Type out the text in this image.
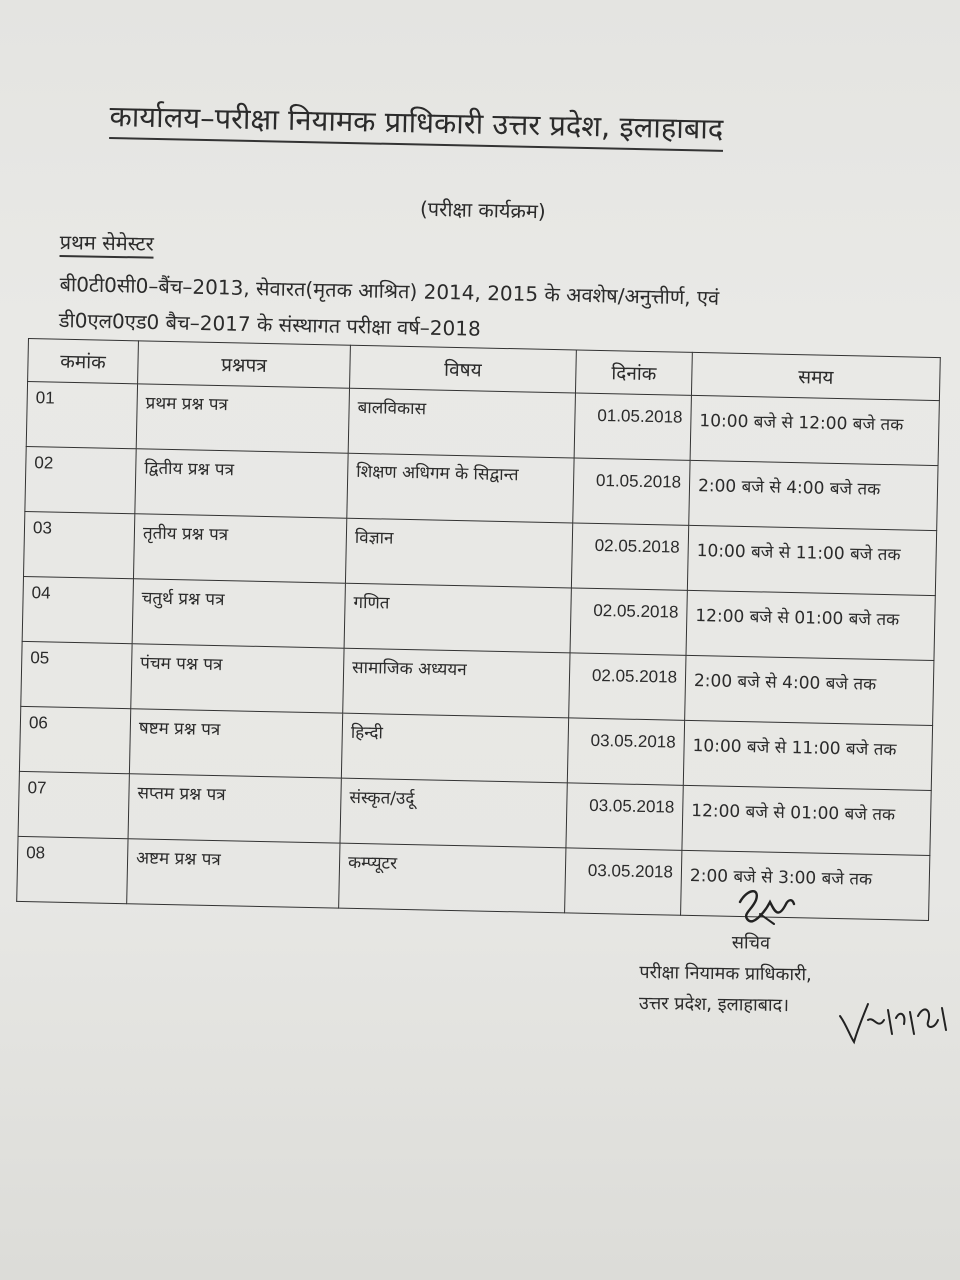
कार्यालय–परीक्षा नियामक प्राधिकारी उत्तर प्रदेश, इलाहाबाद
(परीक्षा कार्यक्रम)
प्रथम सेमेस्टर
बी0टी0सी0–बैंच–2013, सेवारत(मृतक आश्रित) 2014, 2015 के अवशेष/अनुत्तीर्ण, एवं
डी0एल0एड0 बैच–2017 के संस्थागत परीक्षा वर्ष–2018
कमांक	प्रश्नपत्र	विषय	दिनांक	समय
01	प्रथम प्रश्न पत्र	बालविकास	01.05.2018	10:00 बजे से 12:00 बजे तक
02	द्वितीय प्रश्न पत्र	शिक्षण अधिगम के सिद्वान्त	01.05.2018	2:00 बजे से 4:00 बजे तक
03	तृतीय प्रश्न पत्र	विज्ञान	02.05.2018	10:00 बजे से 11:00 बजे तक
04	चतुर्थ प्रश्न पत्र	गणित	02.05.2018	12:00 बजे से 01:00 बजे तक
05	पंचम पश्न पत्र	सामाजिक अध्ययन	02.05.2018	2:00 बजे से 4:00 बजे तक
06	षष्टम प्रश्न पत्र	हिन्दी	03.05.2018	10:00 बजे से 11:00 बजे तक
07	सप्तम प्रश्न पत्र	संस्कृत/उर्दू	03.05.2018	12:00 बजे से 01:00 बजे तक
08	अष्टम प्रश्न पत्र	कम्प्यूटर	03.05.2018	2:00 बजे से 3:00 बजे तक
सचिव
परीक्षा नियामक प्राधिकारी,
उत्तर प्रदेश, इलाहाबाद।
